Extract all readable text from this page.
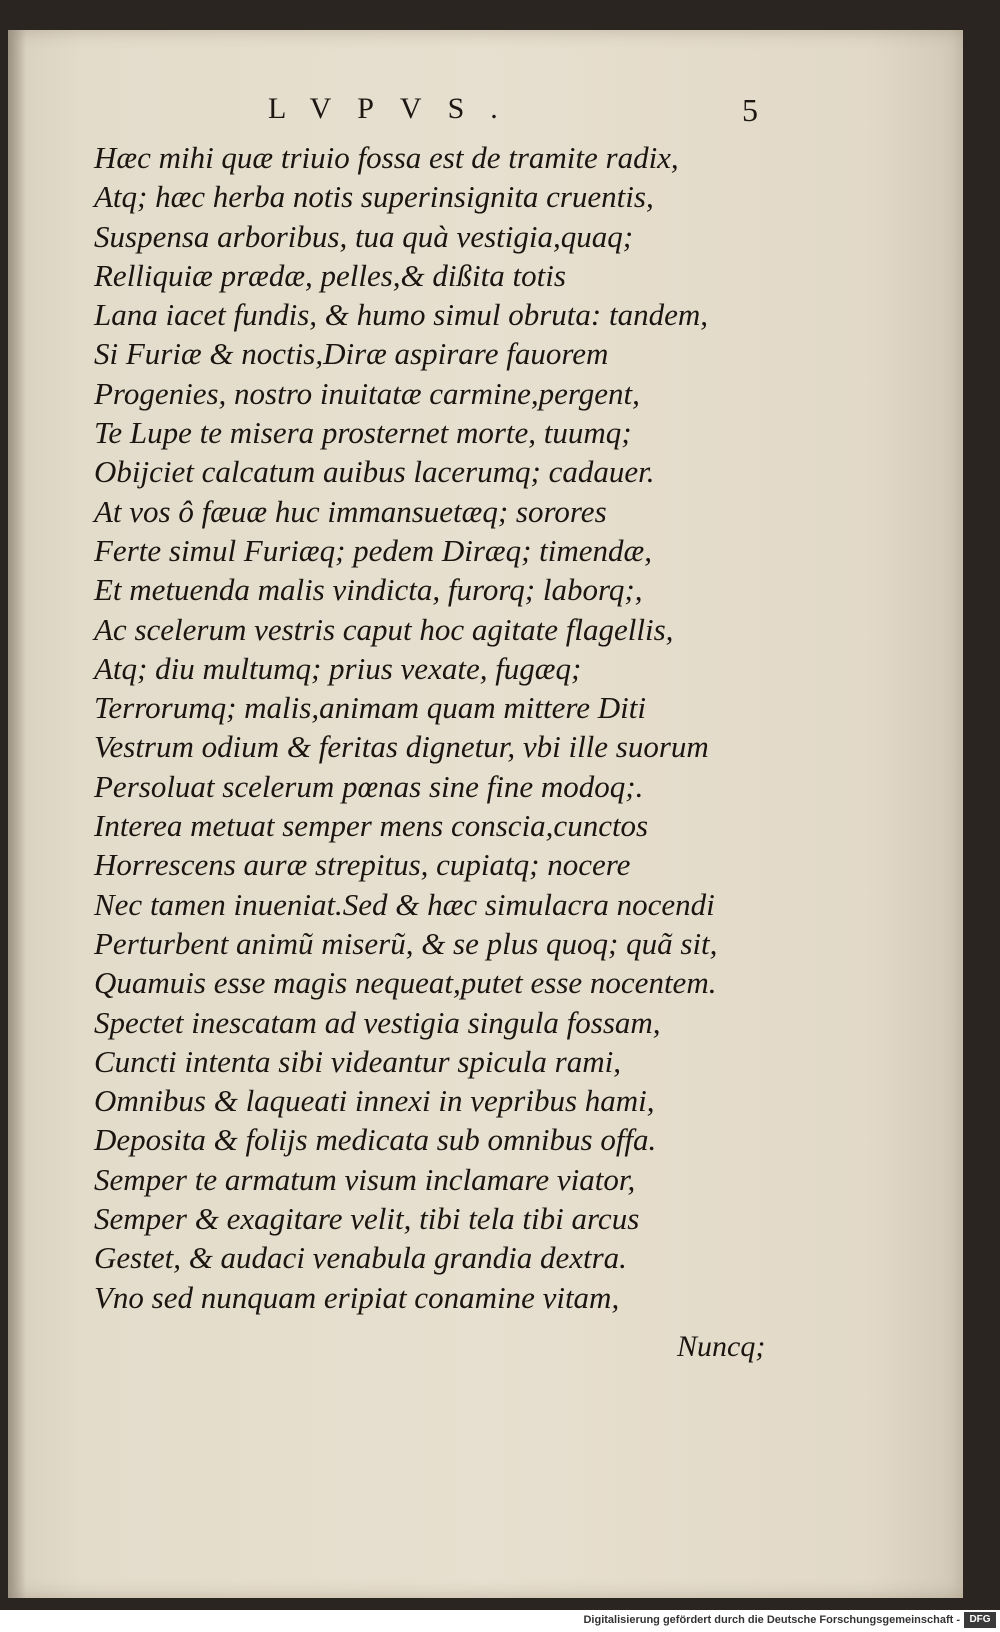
LVPVS.	5
Hæc mihi quæ triuio fossa est de tramite radix,
Atq; hæc herba notis superinsignita cruentis,
Suspensa arboribus, tua quà vestigia,quaq;
Relliquiæ prædæ, pelles,& dißita totis
Lana iacet fundis, & humo simul obruta: tandem,
Si Furiæ & noctis,Diræ aspirare fauorem
Progenies, nostro inuitatæ carmine,pergent,
Te Lupe te misera prosternet morte, tuumq;
Obijciet calcatum auibus lacerumq; cadauer.
At vos ô fæuæ huc immansuetæq; sorores
Ferte simul Furiæq; pedem Diræq; timendæ,
Et metuenda malis vindicta, furorq; laborq;,
Ac scelerum vestris caput hoc agitate flagellis,
Atq; diu multumq; prius vexate, fugæq;
Terrorumq; malis,animam quam mittere Diti
Vestrum odium & feritas dignetur, vbi ille suorum
Persoluat scelerum pœnas sine fine modoq;.
Interea metuat semper mens conscia,cunctos
Horrescens auræ strepitus, cupiatq; nocere
Nec tamen inueniat.Sed & hæc simulacra nocendi
Perturbent animũ miserũ, & se plus quoq; quã sit,
Quamuis esse magis nequeat,putet esse nocentem.
Spectet inescatam ad vestigia singula fossam,
Cuncti intenta sibi videantur spicula rami,
Omnibus & laqueati innexi in vepribus hami,
Deposita & folijs medicata sub omnibus offa.
Semper te armatum visum inclamare viator,
Semper & exagitare velit, tibi tela tibi arcus
Gestet, & audaci venabula grandia dextra.
Vno sed nunquam eripiat conamine vitam,
Nuncq;
Digitalisierung gefördert durch die Deutsche Forschungsgemeinschaft - DFG
